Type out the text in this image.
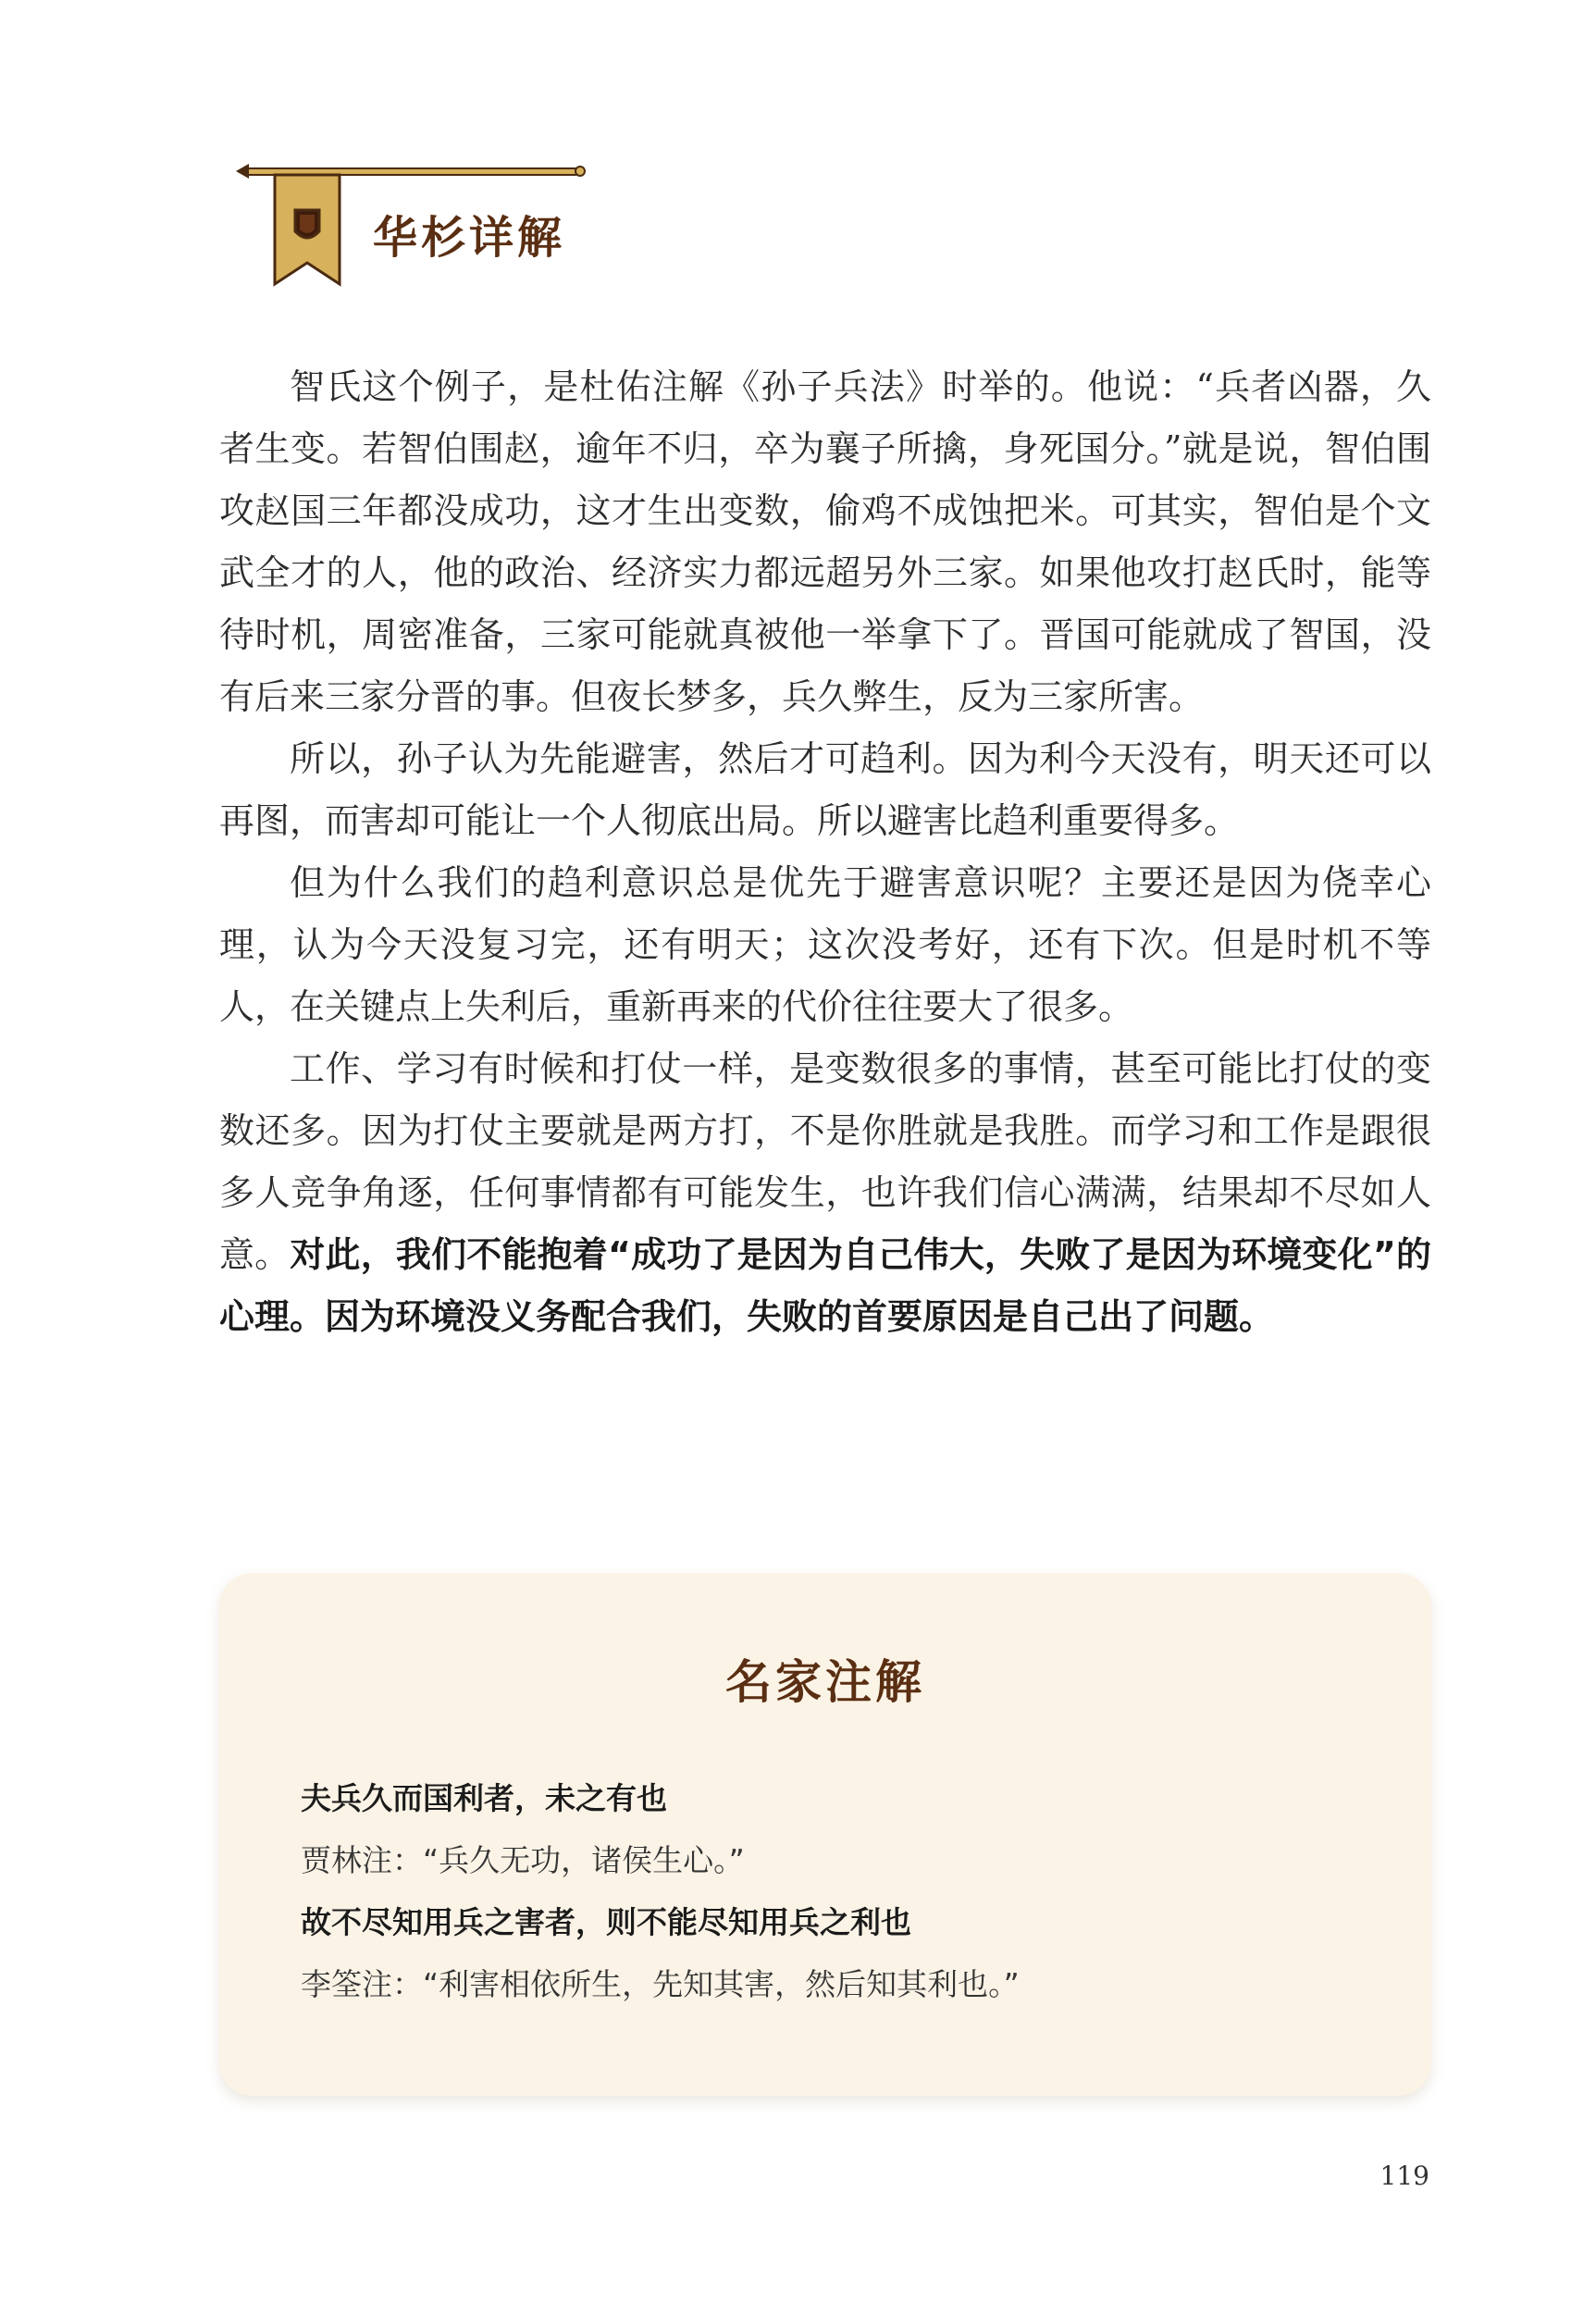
华杉详解

智氏这个例子，是杜佑注解《孙子兵法》时举的。他说：“兵者凶器，久者生变。若智伯围赵，逾年不归，卒为襄子所擒，身死国分。”就是说，智伯围攻赵国三年都没成功，这才生出变数，偷鸡不成蚀把米。可其实，智伯是个文武全才的人，他的政治、经济实力都远超另外三家。如果他攻打赵氏时，能等待时机，周密准备，三家可能就真被他一举拿下了。晋国可能就成了智国，没有后来三家分晋的事。但夜长梦多，兵久弊生，反为三家所害。

所以，孙子认为先能避害，然后才可趋利。因为利今天没有，明天还可以再图，而害却可能让一个人彻底出局。所以避害比趋利重要得多。

但为什么我们的趋利意识总是优先于避害意识呢？主要还是因为侥幸心理，认为今天没复习完，还有明天；这次没考好，还有下次。但是时机不等人，在关键点上失利后，重新再来的代价往往要大了很多。

工作、学习有时候和打仗一样，是变数很多的事情，甚至可能比打仗的变数还多。因为打仗主要就是两方打，不是你胜就是我胜。而学习和工作是跟很多人竞争角逐，任何事情都有可能发生，也许我们信心满满，结果却不尽如人意。对此，我们不能抱着“成功了是因为自己伟大，失败了是因为环境变化”的心理。因为环境没义务配合我们，失败的首要原因是自己出了问题。

名家注解
夫兵久而国利者，未之有也
贾林注：“兵久无功，诸侯生心。”
故不尽知用兵之害者，则不能尽知用兵之利也
李筌注：“利害相依所生，先知其害，然后知其利也。”
119
